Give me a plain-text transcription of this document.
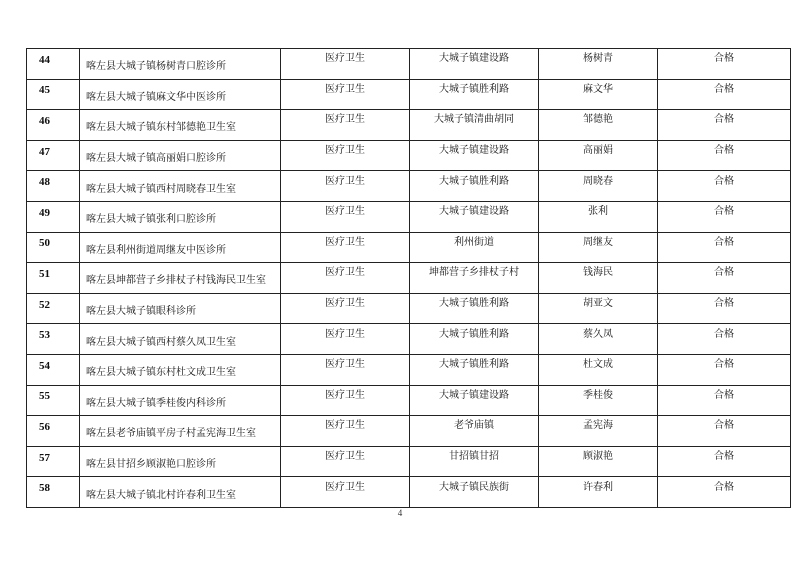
44	喀左县大城子镇杨树青口腔诊所	医疗卫生	大城子镇建设路	杨树青	合格
45	喀左县大城子镇麻文华中医诊所	医疗卫生	大城子镇胜利路	麻文华	合格
46	喀左县大城子镇东村邹德艳卫生室	医疗卫生	大城子镇清曲胡同	邹德艳	合格
47	喀左县大城子镇高丽娟口腔诊所	医疗卫生	大城子镇建设路	高丽娟	合格
48	喀左县大城子镇西村周晓春卫生室	医疗卫生	大城子镇胜利路	周晓春	合格
49	喀左县大城子镇张利口腔诊所	医疗卫生	大城子镇建设路	张利	合格
50	喀左县利州街道周继友中医诊所	医疗卫生	利州街道	周继友	合格
51	喀左县坤都营子乡排杖子村钱海民卫生室	医疗卫生	坤都营子乡排杖子村	钱海民	合格
52	喀左县大城子镇眼科诊所	医疗卫生	大城子镇胜利路	胡亚文	合格
53	喀左县大城子镇西村蔡久凤卫生室	医疗卫生	大城子镇胜利路	蔡久凤	合格
54	喀左县大城子镇东村杜文成卫生室	医疗卫生	大城子镇胜利路	杜文成	合格
55	喀左县大城子镇季桂俊内科诊所	医疗卫生	大城子镇建设路	季桂俊	合格
56	喀左县老爷庙镇平房子村孟宪海卫生室	医疗卫生	老爷庙镇	孟宪海	合格
57	喀左县甘招乡顾淑艳口腔诊所	医疗卫生	甘招镇甘招	顾淑艳	合格
58	喀左县大城子镇北村许春利卫生室	医疗卫生	大城子镇民族街	许春利	合格
4
